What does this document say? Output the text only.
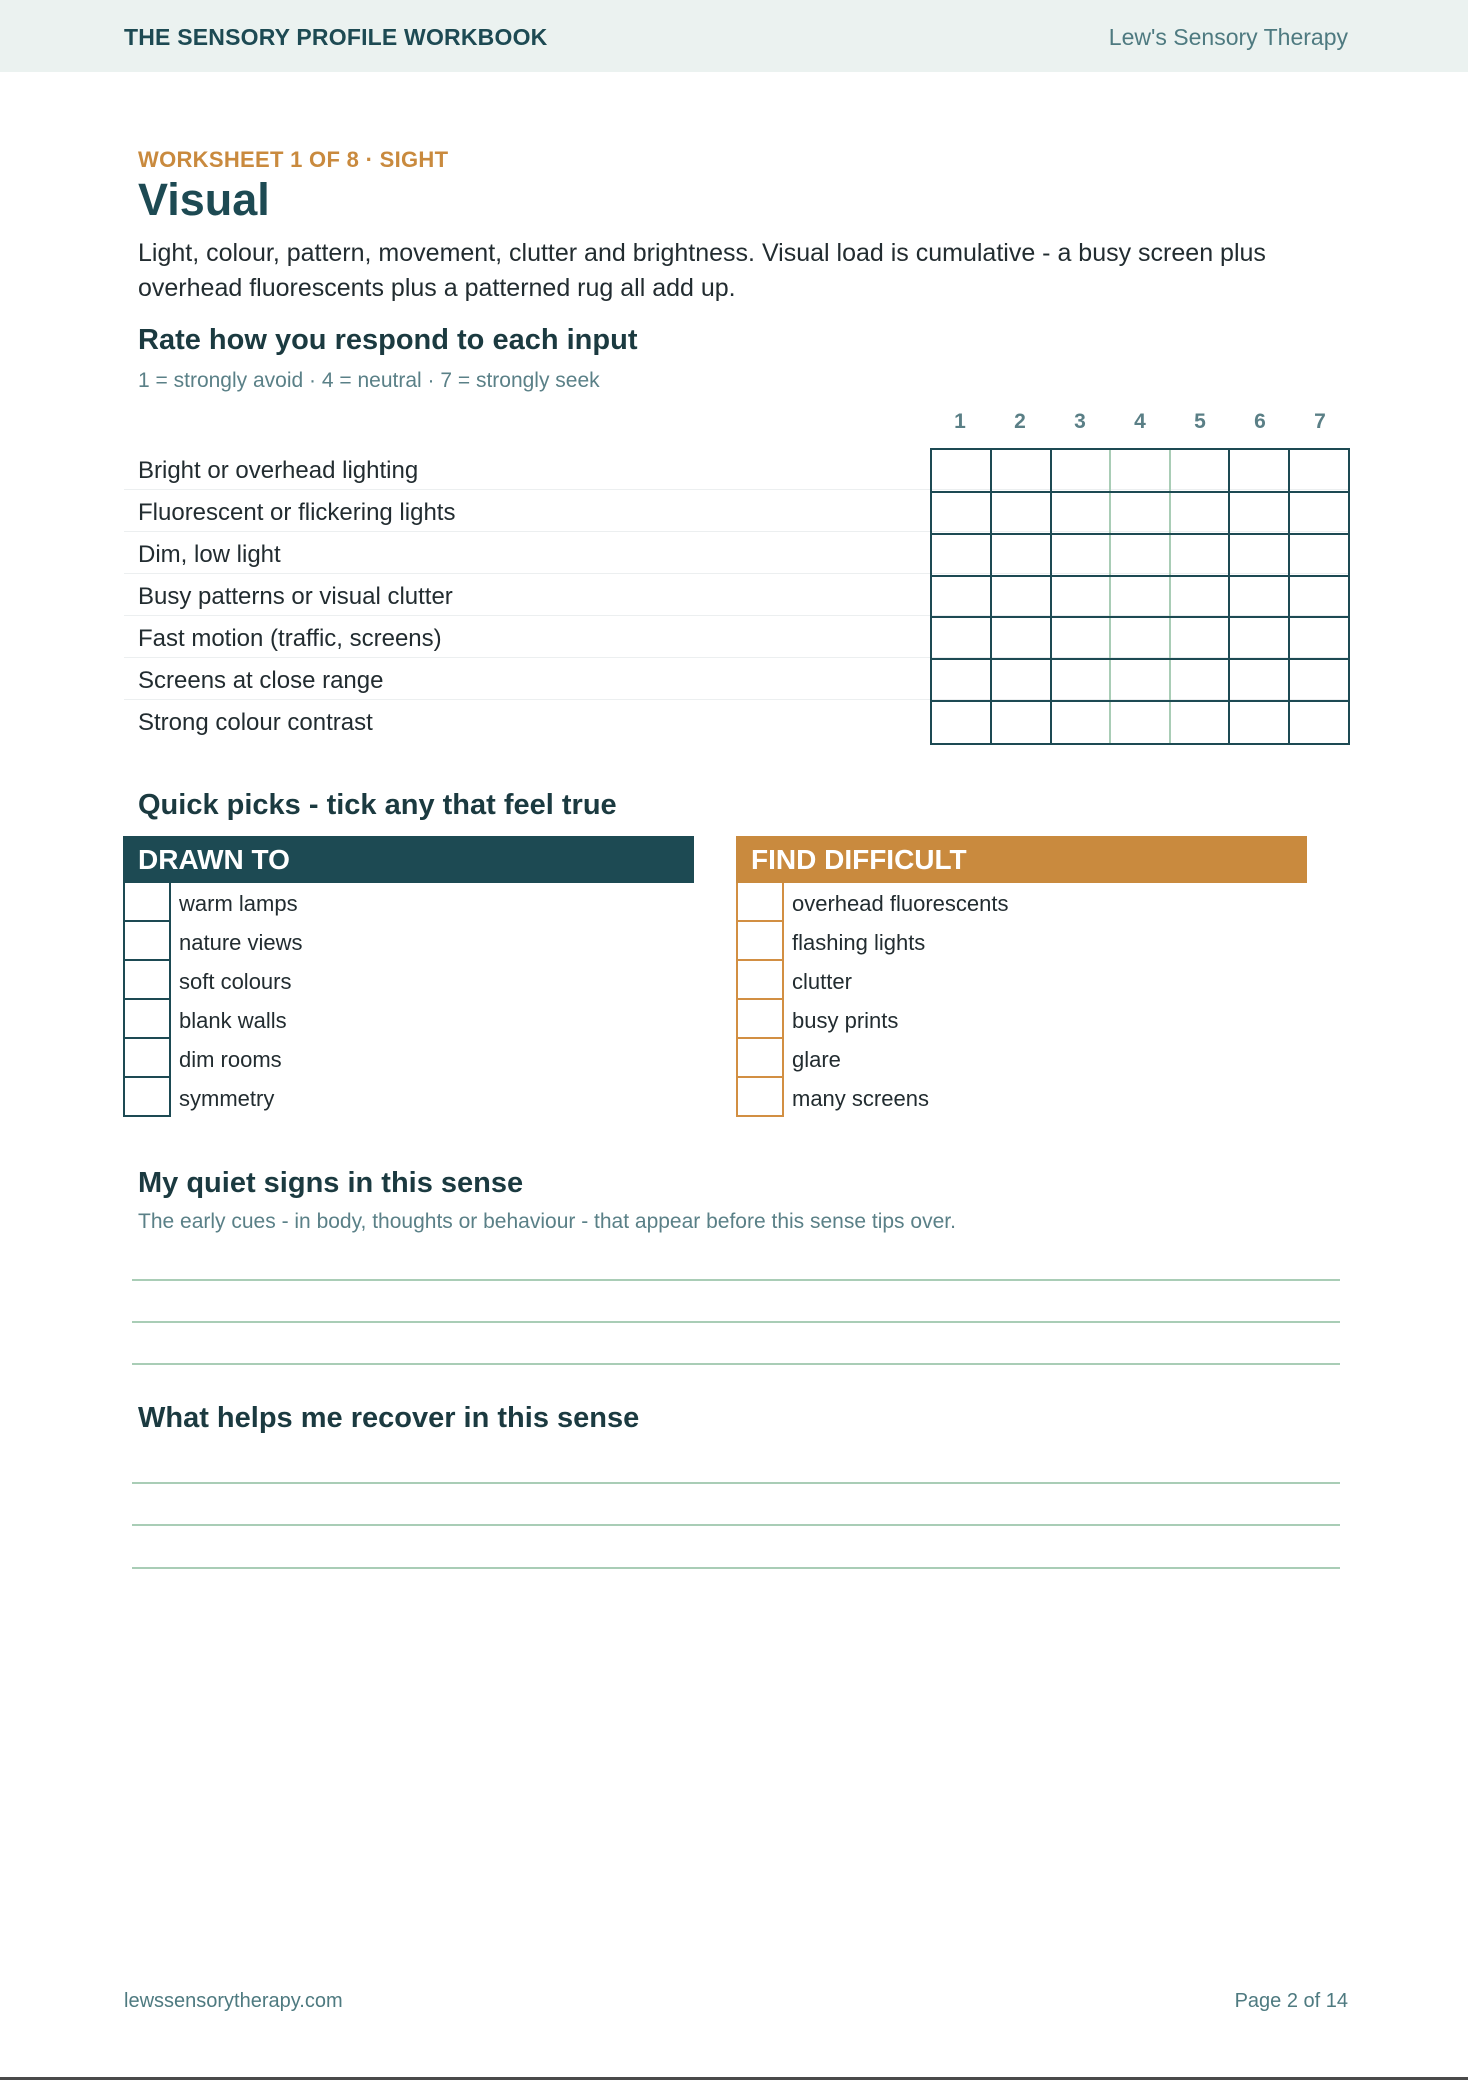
THE SENSORY PROFILE WORKBOOK	Lew's Sensory Therapy
WORKSHEET 1 OF 8 · SIGHT
Visual
Light, colour, pattern, movement, clutter and brightness. Visual load is cumulative - a busy screen plus overhead fluorescents plus a patterned rug all add up.
Rate how you respond to each input
1 = strongly avoid · 4 = neutral · 7 = strongly seek
1	2	3	4	5	6	7
Bright or overhead lighting
Fluorescent or flickering lights
Dim, low light
Busy patterns or visual clutter
Fast motion (traffic, screens)
Screens at close range
Strong colour contrast
Quick picks - tick any that feel true
DRAWN TO	FIND DIFFICULT
warm lamps
nature views
soft colours
blank walls
dim rooms
symmetry
overhead fluorescents
flashing lights
clutter
busy prints
glare
many screens
My quiet signs in this sense
The early cues - in body, thoughts or behaviour - that appear before this sense tips over.
What helps me recover in this sense
lewssensorytherapy.com	Page 2 of 14
